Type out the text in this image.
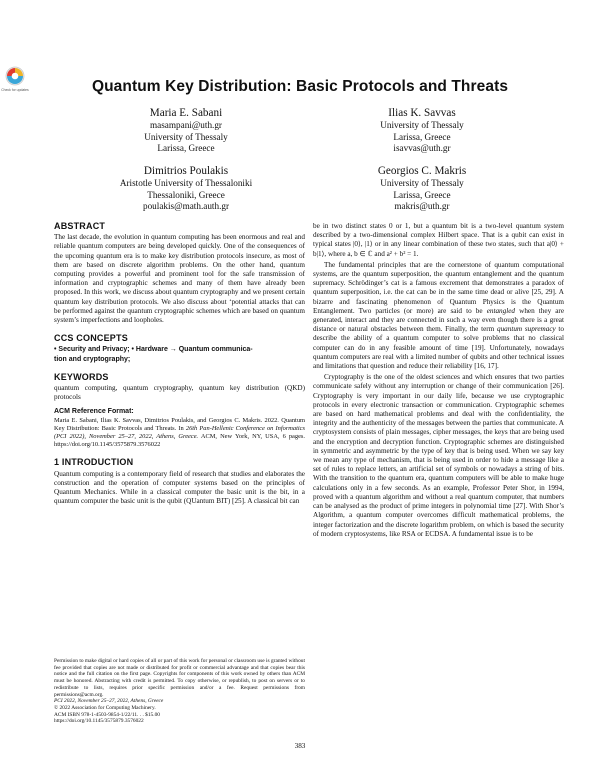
Check for updates	Quantum Key Distribution: Basic Protocols and Threats
Maria E. Sabani
masampani@uth.gr
University of Thessaly
Larissa, Greece
Ilias K. Savvas
University of Thessaly
Larissa, Greece
isavvas@uth.gr
Dimitrios Poulakis
Aristotle University of Thessaloniki
Thessaloniki, Greece
poulakis@math.auth.gr
Georgios C. Makris
University of Thessaly
Larissa, Greece
makris@uth.gr
ABSTRACT

The last decade, the evolution in quantum computing has been enormous and real and reliable quantum computers are being developed quickly. One of the consequences of the upcoming quantum era is to make key distribution protocols insecure, as most of them are based on discrete algorithm problems. On the other hand, quantum computing provides a powerful and prominent tool for the safe transmission of information and cryptographic schemes and many of them have already been proposed. In this work, we discuss about quantum cryptography and we present certain quantum key distribution protocols. We also discuss about ‘potential attacks that can be performed against the quantum cryptographic schemes which are based on quantum system’s imperfections and loopholes.

CCS CONCEPTS
• Security and Privacy; • Hardware → Quantum communica-
tion and cryptography;
KEYWORDS

quantum computing, quantum cryptography, quantum key distribution (QKD) protocols

ACM Reference Format:

Maria E. Sabani, Ilias K. Savvas, Dimitrios Poulakis, and Georgios C. Makris. 2022. Quantum Key Distribution: Basic Protocols and Threats. In 26th Pan-Hellenic Conference on Informatics (PCI 2022), November 25–27, 2022, Athens, Greece. ACM, New York, NY, USA, 6 pages. https://doi.org/10.1145/3575879.3576022

1 INTRODUCTION

Quantum computing is a contemporary field of research that studies and elaborates the construction and the operation of computer systems based on the principles of Quantum Mechanics. While in a classical computer the basic unit is the bit, in a quantum computer the basic unit is the qubit (QUantum BIT) [25]. A classical bit can

Permission to make digital or hard copies of all or part of this work for personal or classroom use is granted without fee provided that copies are not made or distributed for profit or commercial advantage and that copies bear this notice and the full citation on the first page. Copyrights for components of this work owned by others than ACM must be honored. Abstracting with credit is permitted. To copy otherwise, or republish, to post on servers or to redistribute to lists, requires prior specific permission and/or a fee. Request permissions from permissions@acm.org.

PCI 2022, November 25–27, 2022, Athens, Greece

© 2022 Association for Computing Machinery.

ACM ISBN 978-1-4503-9854-1/22/11. . . $15.00

https://doi.org/10.1145/3575879.3576022

be in two distinct states 0 or 1, but a quantum bit is a two-level quantum system described by a two-dimensional complex Hilbert space. That is a qubit can exist in typical states |0⟩, |1⟩ or in any linear combination of these two states, such that a|0⟩ + b|1⟩, where a, b ∈ ℂ and a² + b² = 1.

The fundamental principles that are the cornerstone of quantum computational systems, are the quantum superposition, the quantum entanglement and the quantum supremacy. Schrödinger’s cat is a famous excrement that demonstrates a paradox of quantum superposition, i.e. the cat can be in the same time dead or alive [25, 29]. A bizarre and fascinating phenomenon of Quantum Physics is the Quantum Entanglement. Two particles (or more) are said to be entangled when they are generated, interact and they are connected in such a way even though there is a great distance or natural obstacles between them. Finally, the term quantum supremacy to describe the ability of a quantum computer to solve problems that no classical computer can do in any feasible amount of time [19]. Unfortunately, nowadays quantum computers are real with a limited number of qubits and other technical issues and limitations that question and reduce their reliability [16, 17].

Cryptography is the one of the oldest sciences and which ensures that two parties communicate safely without any interruption or change of their communication [26]. Cryptography is very important in our daily life, because we use cryptographic protocols in every electronic transaction or communication. Cryptographic schemes are based on hard mathematical problems and deal with the confidentiality, the integrity and the authenticity of the messages between the parties that communicate. A cryptosystem consists of plain messages, cipher messages, the keys that are being used and the encryption and decryption function. Cryptographic schemes are distinguished in symmetric and asymmetric by the type of key that is being used. When we say key we mean any type of mechanism, that is being used in order to hide a message like a set of rules to replace letters, an artificial set of symbols or nowadays a string of bits. With the transition to the quantum era, quantum computers will be able to make huge calculations only in a few seconds. As an example, Professor Peter Shor, in 1994, proved with a quantum algorithm and without a real quantum computer, that numbers can be analysed as the product of prime integers in polynomial time [27]. With Shor’s Algorithm, a quantum computer overcomes difficult mathematical problems, the integer factorization and the discrete logarithm problem, on which is based the security of modern cryptosystems, like RSA or ECDSA. A fundamental issue is to be

383
